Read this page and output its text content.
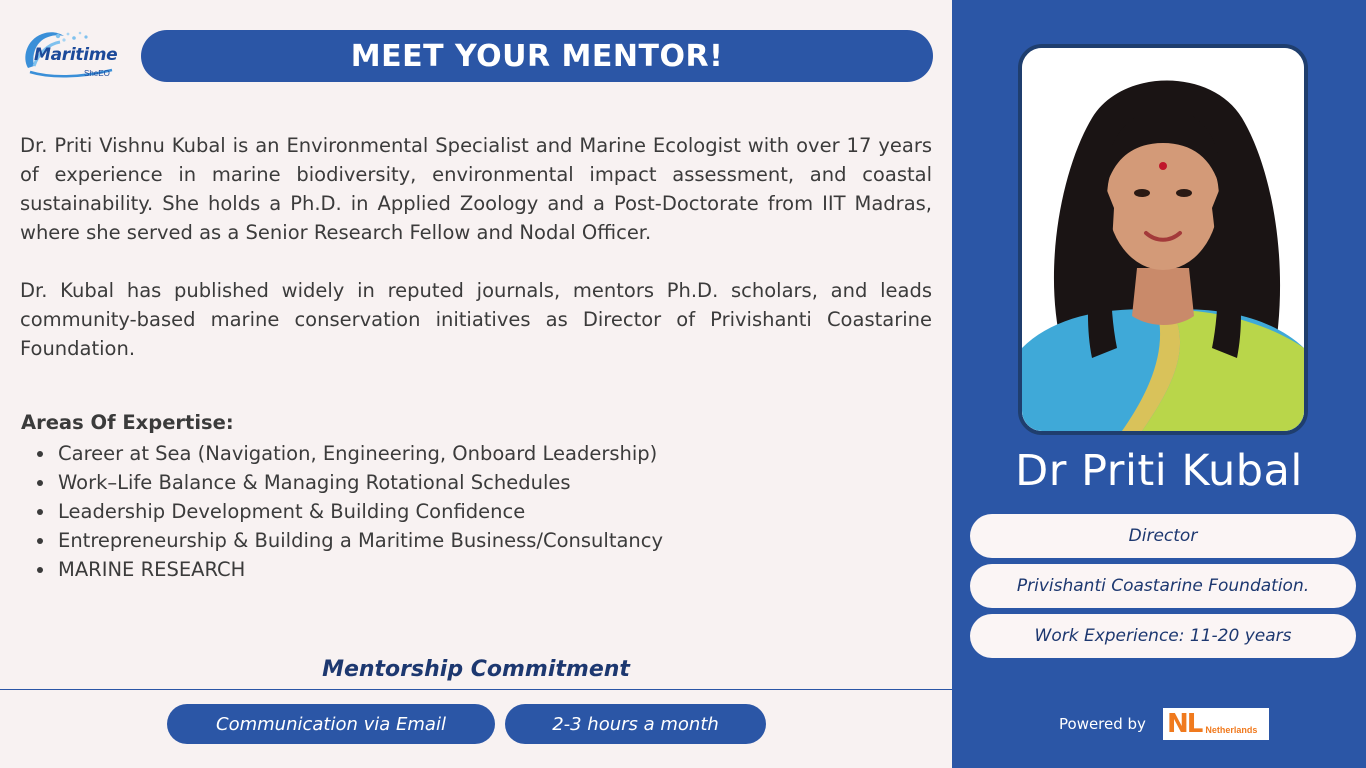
Maritime
SheEO	MEET YOUR MENTOR!

Dr. Priti Vishnu Kubal is an Environmental Specialist and Marine Ecologist with over 17 years of experience in marine biodiversity, environmental impact assessment, and coastal sustainability. She holds a Ph.D. in Applied Zoology and a Post-Doctorate from IIT Madras, where she served as a Senior Research Fellow and Nodal Officer.

Dr. Kubal has published widely in reputed journals, mentors Ph.D. scholars, and leads community-based marine conservation initiatives as Director of Privishanti Coastarine Foundation.

Areas Of Expertise:
Career at Sea (Navigation, Engineering, Onboard Leadership)
Work–Life Balance & Managing Rotational Schedules
Leadership Development & Building Confidence
Entrepreneurship & Building a Maritime Business/Consultancy
MARINE RESEARCH
Mentorship Commitment
Communication via Email	2-3 hours a month
Dr Priti Kubal
Director
Privishanti Coastarine Foundation.
Work Experience: 11-20 years
Powered by NL Netherlands
